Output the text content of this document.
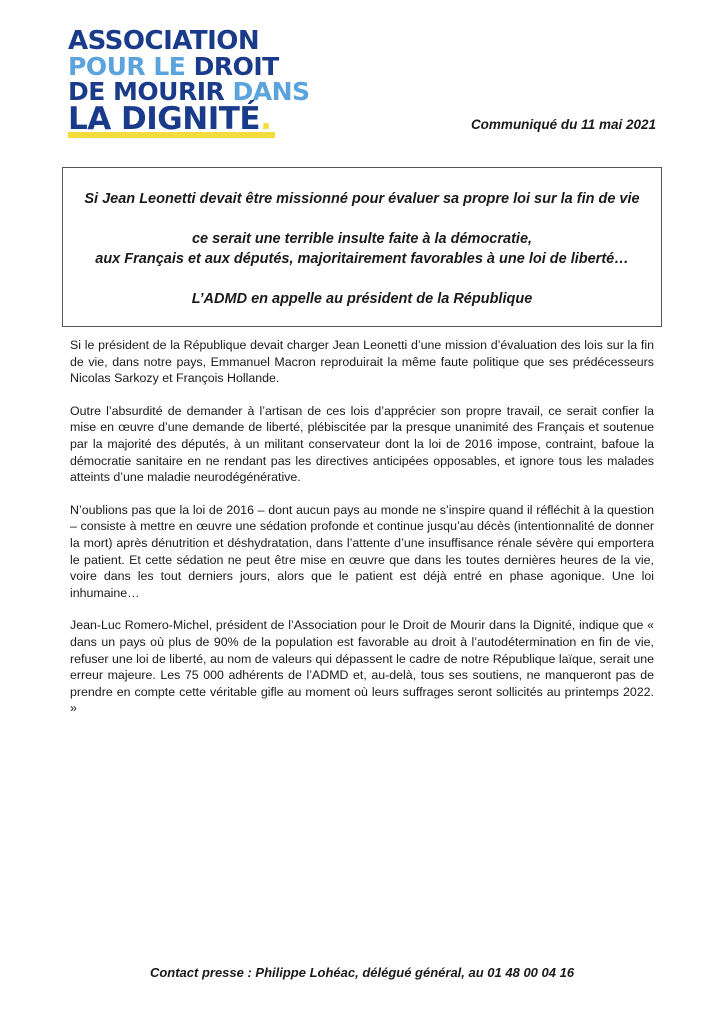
ASSOCIATION
POUR LE DROIT
DE MOURIR DANS
LA DIGNITÉ.	Communiqué du 11 mai 2021
Si Jean Leonetti devait être missionné pour évaluer sa propre loi sur la fin de vie
ce serait une terrible insulte faite à la démocratie,
aux Français et aux députés, majoritairement favorables à une loi de liberté…
L’ADMD en appelle au président de la République

Si le président de la République devait charger Jean Leonetti d’une mission d’évaluation des lois sur la fin de vie, dans notre pays, Emmanuel Macron reproduirait la même faute politique que ses prédécesseurs Nicolas Sarkozy et François Hollande.

Outre l’absurdité de demander à l’artisan de ces lois d’apprécier son propre travail, ce serait confier la mise en œuvre d’une demande de liberté, plébiscitée par la presque unanimité des Français et soutenue par la majorité des députés, à un militant conservateur dont la loi de 2016 impose, contraint, bafoue la démocratie sanitaire en ne rendant pas les directives anticipées opposables, et ignore tous les malades atteints d’une maladie neurodégénérative.

N’oublions pas que la loi de 2016 – dont aucun pays au monde ne s’inspire quand il réfléchit à la question – consiste à mettre en œuvre une sédation profonde et continue jusqu’au décès (intentionnalité de donner la mort) après dénutrition et déshydratation, dans l’attente d’une insuffisance rénale sévère qui emportera le patient. Et cette sédation ne peut être mise en œuvre que dans les toutes dernières heures de la vie, voire dans les tout derniers jours, alors que le patient est déjà entré en phase agonique. Une loi inhumaine…

Jean-Luc Romero-Michel, président de l’Association pour le Droit de Mourir dans la Dignité, indique que « dans un pays où plus de 90% de la population est favorable au droit à l’autodétermination en fin de vie, refuser une loi de liberté, au nom de valeurs qui dépassent le cadre de notre République laïque, serait une erreur majeure. Les 75 000 adhérents de l’ADMD et, au-delà, tous ses soutiens, ne manqueront pas de prendre en compte cette véritable gifle au moment où leurs suffrages seront sollicités au printemps 2022. »

Contact presse : Philippe Lohéac, délégué général, au 01 48 00 04 16
